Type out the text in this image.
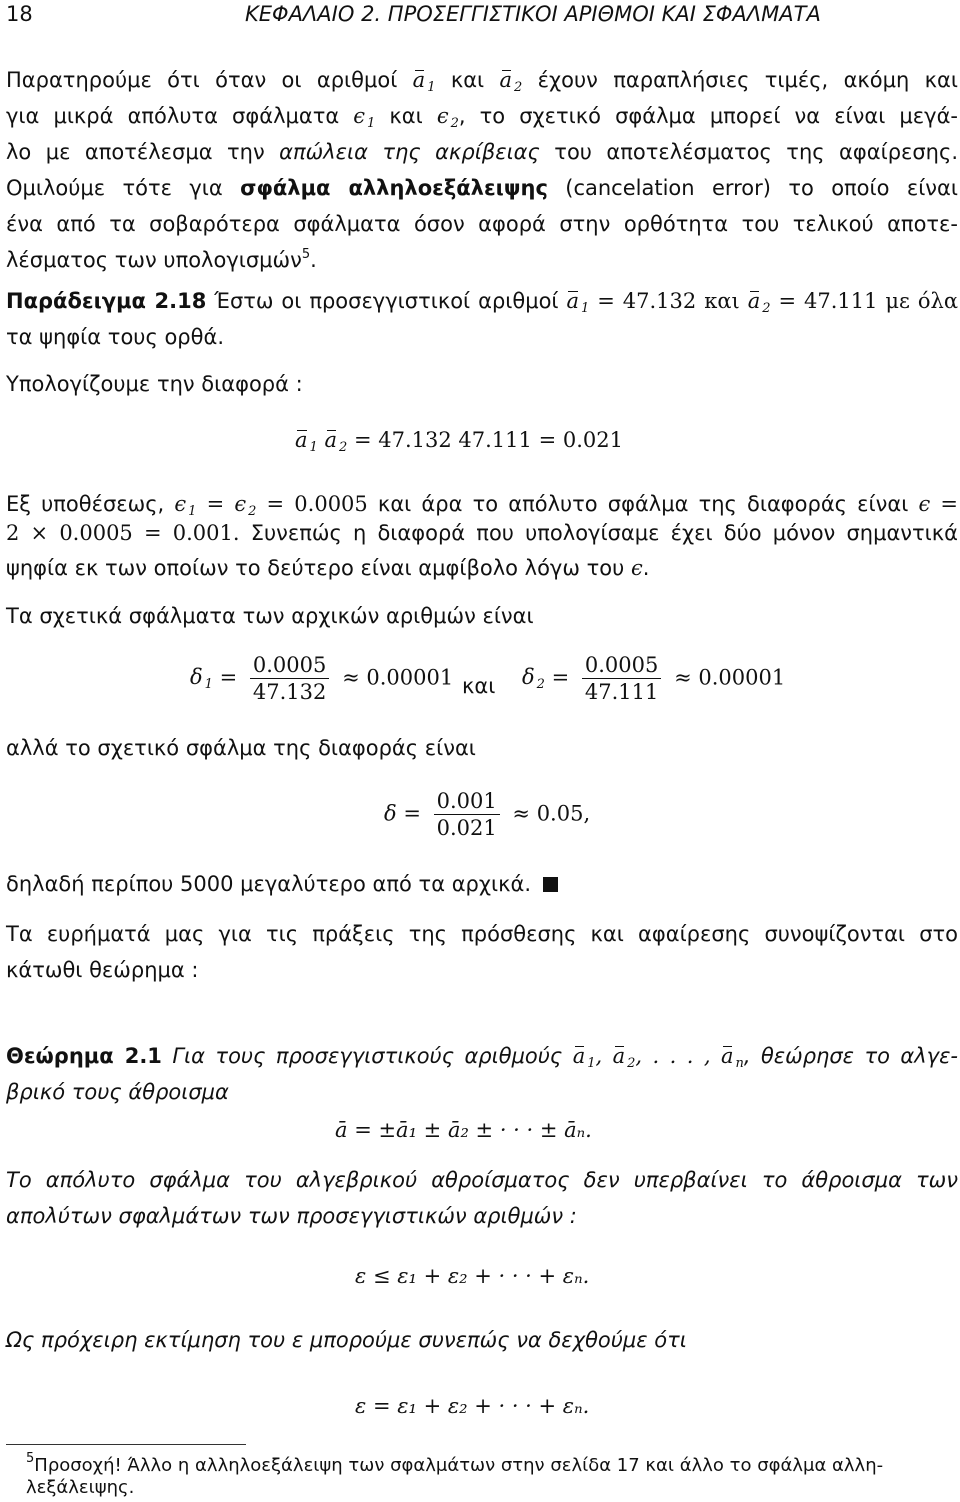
18	ΚΕΦΑΛΑΙΟ 2. ΠΡΟΣΕΓΓΙΣΤΙΚΟΙ ΑΡΙΘΜΟΙ ΚΑΙ ΣΦΑΛΜΑΤΑ
Παρατηρούμε ότι όταν οι αριθμοί a $_1$ και a $_2$ έχουν παραπλήσιες τιμές, ακόμη και
για μικρά απόλυτα σφάλματα ϵ $_1$ και ϵ $_2$, το σχετικό σφάλμα μπορεί να είναι μεγά-
λο με αποτέλεσμα την απώλεια της ακρίβειας του αποτελέσματος της αφαίρεσης.
Ομιλούμε τότε για σφάλμα αλληλοεξάλειψης (cancelation error) το οποίο είναι
ένα από τα σοβαρότερα σφάλματα όσον αφορά στην ορθότητα του τελικού αποτε-
λέσματος των υπολογισμών$^5$.
Παράδειγμα 2.18 Έστω οι προσεγγιστικοί αριθμοί a $_1$ = 47.132 και a $_2$ = 47.111 με όλα
τα ψηφία τους ορθά.
Υπολογίζουμε την διαφορά :
a $_1$ a $_2$ = 47.132 47.111 = 0.021
Εξ υποθέσεως, ϵ $_1$ = ϵ $_2$ = 0.0005 και άρα το απόλυτο σφάλμα της διαφοράς είναι ϵ =
2 × 0.0005 = 0.001. Συνεπώς η διαφορά που υπολογίσαμε έχει δύο μόνον σημαντικά
ψηφία εκ των οποίων το δεύτερο είναι αμφίβολο λόγω του ϵ.
Τα σχετικά σφάλματα των αρχικών αριθμών είναι
δ $_1 = \frac{0.0005}{47.132} \approx 0.00001$ και δ $_2 = \frac{0.0005}{47.111} \approx 0.00001$
αλλά το σχετικό σφάλμα της διαφοράς είναι
$\delta = \frac{0.001}{0.021} \approx 0.05$,
δηλαδή περίπου 5000 μεγαλύτερο από τα αρχικά.
Τα ευρήματά μας για τις πράξεις της πρόσθεσης και αφαίρεσης συνοψίζονται στο
κάτωθι θεώρημα :
Θεώρημα 2.1 Για τους προσεγγιστικούς αριθμούς a $_1$, a $_2$, . . . , a $_n$, θεώρησε το αλγε-
βρικό τους άθροισμα
ā = ±ā₁ ± ā₂ ± · · · ± āₙ.
Το απόλυτο σφάλμα του αλγεβρικού αθροίσματος δεν υπερβαίνει το άθροισμα των
απολύτων σφαλμάτων των προσεγγιστικών αριθμών :
ε ≤ ε₁ + ε₂ + · · · + εₙ.
Ως πρόχειρη εκτίμηση του ε μπορούμε συνεπώς να δεχθούμε ότι
ε = ε₁ + ε₂ + · · · + εₙ.
$^5$Προσοχή! Άλλο η αλληλοεξάλειψη των σφαλμάτων στην σελίδα 17 και άλλο το σφάλμα αλλη-
λεξάλειψης.
